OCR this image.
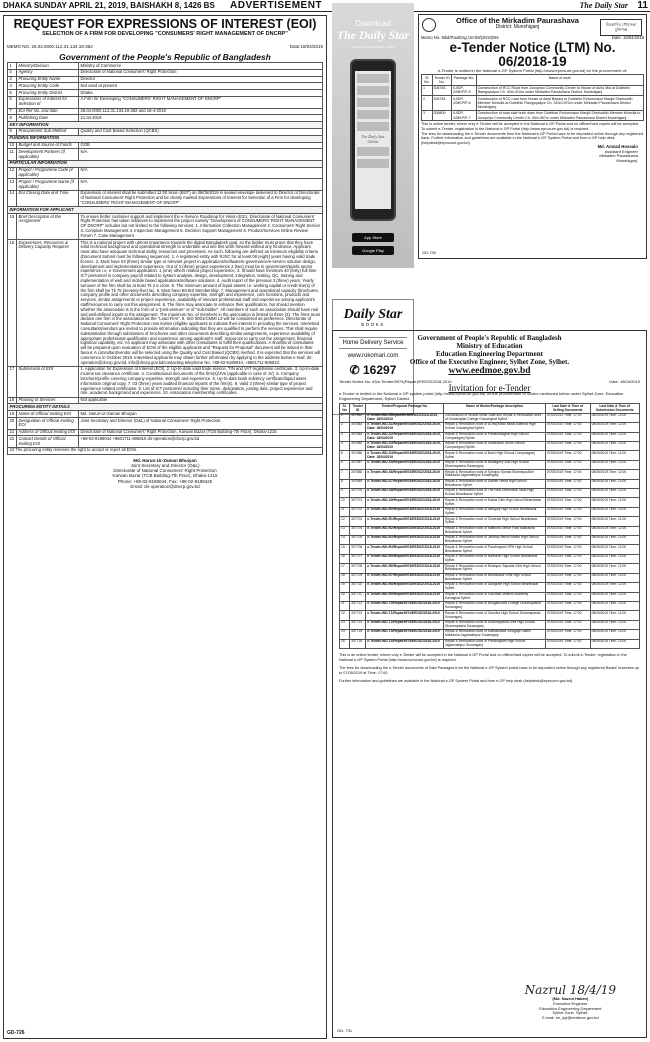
DHAKA SUNDAY APRIL 21, 2019, BAISHAKH 8, 1426 BS ADVERTISEMENT	The Daily Star 11
REQUEST FOR EXPRESSIONS OF INTEREST (EOI)
SELECTION OF A FIRM FOR DEVELOPING "CONSUMERS' RIGHT MANAGEMENT OF DNCRP"
MEMO NO. 26.04.0000.112.31.134.18-362	Date:18/04/2019
Government of the People's Republic of Bangladesh
1	Ministry/Division	Ministry of Commerce
2	Agency	Directorate of National Consumers' Right Protection
3	Procuring Entity Name	Director
4	Procuring Entity Code	Not used at present
5	Procuring Entity District	Dhaka
6	Expressions of Interest for Selection of	A Firm for Developing "CONSUMERS' RIGHT MANAGEMENT OF DNCRP"
7	EoI Ref No. and date	26.04.0000.112.31.134.18-362 and 18-4-2019
8	Publishing Date	21.04.2019
KEY INFORMATION		
9	Procurement Sub Method	Quality and Cost Based Selection (QCBS)
FUNDING INFORMATION		
10	Budget and Source of Funds	GOB
11	Development Partners (if applicable)	N/A
PARTICULAR INFORMATION		
12	Project / Programme Code (if applicable)	N/A
13	Project / Programme Name (if applicable)	N/A
14	EoI Closing Date and Time	Expression of interest shall be submitted 12:00 Noon (BST) on 09/05/2019 in sealed envelope delivered to Director of Directorate of National Consumers' Right Protection and be clearly marked Expressions of Interest for Selection of a Firm for developing "CONSUMERS' RIGHT MANAGEMENT OF DNCRP".
INFORMATION FOR APPLICANT		
15	Brief Description of the Assignment	To ensure better customer support and implement the e-Service Roadmap for Vision-2021, Directorate of National Consumers' Right Protection has taken initiatives to implement the project namely "Development of CONSUMERS' RIGHT MANAGEMENT OF DNCRP" includes but not limited to the following services: 1. Information Collection Management 2. Consumers' Right Service 3. Complain Management 4. Inspection Management 5. Decision Support Management 6. Product/Services Online Review Forum 7. Case Management
16	Experiences, Resources & Delivery Capacity Requires	This is a national project with utmost importance towards the digital Bangladesh goal, so the bidder must prove that they have solid technical background and operational strength to undertake and see this work forward without any hindrance. Applicant must also have adequate technical ability, resources and processes. As such, following are defined as minimum eligibility criteria (Document Submit must be following sequence): 1. A registered entity with RJSC for at least 08 (eight) years having valid trade licence. 2. Must have 03 (three) similar type or relevant project in applications/software/e-governance/e-service solution design, development and implementation experience. Out of 3 (three) project experience 2 (two) must be in government/public sector experience i.e. e-Government application. 1 (one) others related project experience. 3. Should have minimum 40 (forty) full time ICT personnel in company payroll related to system analysis, design, development, integration, testing, QC, training and implementation of web and mobile based applications/software solutions. 4. Audit report of the previous 3 (three) years. Yearly turnover of the firm shall be at least Tk 2.5 crore. 5. The minimum amount of liquid assets i.e. working capital or credit line(s) of the firm shall be Tk 75 (seventy-five) lac. 6. Must have BASIS Membership. 7. Management and operational capacity (brochures, company profile and other documents describing company expertise, strength and experience, core functions, products and services, similar assignments or project experience, availability of relevant professional staff and experience among applicant's staff/resources to carry out this assignment. 8. The firms may associate to enhance their qualification, but should mention whether the association is in the form of a "joint-venture" or of "sub-bidder". All members of such an association should have real and well-defined inputs to the assignment. The maximum No. of members in the association is limited to three (3). The firms must declare one firm in the association as the "Lead Firm". 9. ISO 9001/CMMI L3 will be considered as preference. Directorate of National Consumers' Right Protection now invites (eligible applicants to indicate their interest in providing the services. Interested consultants/vendors are invited to provide information indicating that they are qualified to perform the services. This shall require substantiation through submission of brochures and other documents describing similar assignments, experience availability of appropriate professional qualification and experience among applicant's staff, resources to carry out the assignment, financial logistical capability, etc. An applicant may associate with other consultants to fulfill their qualifications. A shortlist of consultants will be prepared upon evaluation of EOIs of the eligible applicants and "Request for Proposal" document will be issued in their favour. A consultant/vendor will be selected using the Quality and Cost Based (QCBS) method. It is expected that the services will commence in October 2019. Interested applicants may obtain further information by applying to the address below e-mail: dir-operation@dncrp.gov.bd, info@dncrp.gov.bd/contacting telephone No. +88-02-8189044, +8801711-905810.
17	Submission of EOI	1. Application for Expression of Interest (EOI). 2. Up-to-date valid trade licence, TIN and VAT registration certificate. 3. Up-to-date income tax clearance certificate. 4. Constitutional documents of the firm(s)/JVs (applicable in case of JV). 5. Company brochure/profile covering company expertise, strength and experience. 6. Up-to-date bank solvency certificate/liquid asset information original copy. 7. 03 (three) years audited financial reports of the firm(s). 8. Valid 3 (three) similar type of project experience related certificates. 9. List of ICT personnel including their name, designation, joining date, project experience and role, academic background and experience. 10. Association membership certificates.
18	Phasing of Services	Not applicable
PROCURING ENTITY DETAILS		
19	Name of Official Inviting EOI	Md. Harun-Ur-Zaman Bhuiyan
20	Designation of Official Inviting EOI	Joint Secretary and Director (O&L) of National Consumers' Right Protection.
21	Address of Official Inviting EOI	Directorate of National Consumers' Right Protection, Karwan Bazar (TCB Building-7th Floor), Dhaka-1215
22	Contact Details of Official Inviting EOI	+88-02-8189044 +8801711-905810 dir-operation@dncrp.gov.bd
23 The procuring entity reserves the right to accept or reject all EOIs.		
Md. Harun-Ur-Zaman Bhuiyan
Joint Secretary and Director (O&L)
Directorate of National Consumers' Right Protection
Karwan Bazar (TCB Building-7th Floor), Dhaka-1215
Phone: +88-02-8189044, Fax: +88-02-8189425
Email: dir-operation@dncrp.gov.bd
GD-726
Download
The Daily Star
IPHONE & ANDROID APPS
The Daily Star Online
App Store
Google Play
Daily Star
BOOKS
Home Delivery Service
www.rokomari.com
✆ 16297
Office of the Mirkadim Paurashava
District: Munshiganj	মিরকাদিম পৌরসভা
মুন্সিগঞ্জ
Memo No. Mkd/Pau/Eng./10-59/(2019)/94	Date: 18/04/2019
e-Tender Notice (LTM) No. 06/2018-19
e-Tender is invited in the National e-GP System Portal (http://www.eprocure.gov.bd) for the procurement of:
Sl No.	Tender ID No.	Package No.	Name of work
1	306783	IUIDP-2/MKP/P-5	Construction of RCC Road from Jonopriyo Community Center to House of Ashu Mia at Dolekhin Ramgopalpur Ch. 00m-310m under Mirkadim Paurashava District: Munshiganj.
2	306784	IUIDP-2/MKP/P-6	Construction of RCC road from House of Awal Bepary to Dolekhin Rohomotpur Masjid Shahuddin Member Moholla at Dolekhin Ramgopalpur Ch. 310m-570m under Mirkadim Paurashava District Munshiganj.
3	306809	IUIDP-2/MKP/P-7	Construction of road side brick drain from Dolekhin Rohomotpur Masjid Shahuddin Member Moholla to Jonopriyo Community Centre Ch. 00m-567m under Mirkadim Paurashava District Munshiganj.
This is online tender, where only e-Tender will be accepted in the National e-GP Portal and no offline/hard copies will be accepted. To submit e-Tender, registration in the National e-GP Portal (http://www.eprocure.gov.bd) is required.
The fees for downloading the e-Tender documents from the National e-GP Portal have to be deposited online through any registered bank. Further information and guidelines are available in the National e-GP System Portal and from e-GP help desk (helpdesk@eprocure.gov.bd).
Md. Amzad Hossain
Assistant Engineer
Mirkadim Paurashava
Munshiganj.
GD-730
Government of People's Republic of Bangladesh
Ministry of Education
Education Engineering Department
Office of the Executive Engineer, Sylhet Zone, Sylhet.
www.eedmoe.gov.bd
Tender Notice No: 43/e-Tender/5974(Repair)/EEDSZ2018-2019	Date: 18/04/2019
Invitation for e-Tender
e-Tender is invited in the National e-GP system portal (http://www.eprocure.gov.bd) for the procurement of Works mentioned below under Sylhet Zone, Education Engineering Department, Sylhet District.
Sl. No	Tender ID	Tender/Proposal Package No.	Name of Works/Package description	Last Date & Time of Selling Documents	Last Date & Time of Submission Documents
1	307682	e-Tender-WD-SRepair5974/EEDSZ/2018-2019, Date: 18/04/2019	Construction of Shahid Minar Gate and Repair & Renovation work of Gowainghat College Gowainghat Sylhet.	07/05/2019 Time: 17:00	08/05/2019 Time: 12:00
2	307683	e-Tender-WD-S1/Repair5974/EEDSZ/2018-2019, Date: 18/04/2019	Repair & Renovation work of Al-Haj Abdul Mutal Adarsha High School Gowainghat Sylhet.	07/05/2019 Time: 17:00	08/05/2019 Time: 12:00
3	307684	e-Tender-WD-S2/Repair5974/EEDSZ/2018-2019, Date: 18/04/2019	Repair & Renovation work of Paniachanghat High School Companiganj Sylhet.	07/05/2019 Time: 17:00	08/05/2019 Time: 12:00
4	307685	e-Tender-WD-S3/Repair5974/EEDSZ/2018-2019, Date: 18/04/2019	Repair & Renovation work of Ghatkhowr Junior School Companiganj Sylhet.	07/05/2019 Time: 17:00	08/05/2019 Time: 12:00
5	307686	e-Tender-WD-S4/Repair5974/EEDSZ/2018-2019, Date: 18/04/2019	Repair & Renovation work of Barni High School Companiganj Sylhet.	07/05/2019 Time: 17:00	08/05/2019 Time: 12:00
6	307687	e-Tender-WD-S5/Repair5974/EEDSZ/2018-2019	Repair & Renovation work of Bhalaganj Girls High School Dharmapasha Sunamganj.	07/05/2019 Time: 17:00	08/05/2019 Time: 12:00
7	307688	e-Tender-WD-S6/Repair5974/EEDSZ/2018-2019	Repair & Renovation work of Syedpur Syedia Shamsiya Alim Madrasha Jagannathpur Sunamganj.	07/05/2019 Time: 17:00	08/05/2019 Time: 12:00
8	307689	e-Tender-WD-S7/Repair5974/EEDSZ/2018-2019	Repair & Renovation work of Dakhin Hasra High School Beanibazar Sylhet.	07/05/2019 Time: 17:00	08/05/2019 Time: 12:00
9	307700	e-Tender-WD-S8/Repair5974/EEDSZ/2018-2019	Repair & Renovation work of The New Generation Ideal High School Beanibazar Sylhet.	07/05/2019 Time: 17:00	08/05/2019 Time: 12:00
10	307701	e-Tender-WD-S9/Repair5974/EEDSZ/2018-2019	Repair & Renovation work of Kasba Girls High School Beanibazar Sylhet.	07/05/2019 Time: 17:00	08/05/2019 Time: 12:00
11	307702	e-Tender-WD-R0/Repair5974/EEDSZ/2018-2019	Repair & Renovation work of Ashiganj High School Beanibazar Sylhet.	07/05/2019 Time: 17:00	08/05/2019 Time: 12:00
12	307703	e-Tender-WD-R1/Repair5974/EEDSZ/2018-2019	Repair & Renovation work of Charkhai High School Beanibazar Sylhet.	07/05/2019 Time: 17:00	08/05/2019 Time: 12:00
13	307704	e-Tender-WD-R2/Repair5974/EEDSZ/2018-2019	Repair & Renovation work of Mathiura Senior Fazil Madrasha Beanibazar Sylhet.	07/05/2019 Time: 17:00	08/05/2019 Time: 12:00
14	307705	e-Tender-WD-R3/Repair5974/EEDSZ/2018-2019	Repair & Renovation work of Jaldhup Senior Arabic High School Beanibazar Sylhet.	07/05/2019 Time: 17:00	08/05/2019 Time: 12:00
15	307706	e-Tender-WD-R4/Repair5974/EEDSZ/2018-2019	Repair & Renovation work of Panchagram SPH High School Beanibazar Sylhet.	07/05/2019 Time: 17:00	08/05/2019 Time: 12:00
16	307707	e-Tender-WD-R5/Repair5974/EEDSZ/2018-2019	Repair & Renovation work of Nalbohar High School Beanibazar Sylhet.	07/05/2019 Time: 17:00	08/05/2019 Time: 12:00
17	307708	e-Tender-WD-R6/Repair5974/EEDSZ/2018-2019	Repair & Renovation work of Nidanpur Sapadia Girls High School Beanibazar Sylhet.	07/05/2019 Time: 17:00	08/05/2019 Time: 12:00
18	307709	e-Tender-WD-R7/Repair5974/EEDSZ/2018-2019	Repair & Renovation work of Beanibazar Girls High School Beanibazar Sylhet.	07/05/2019 Time: 17:00	08/05/2019 Time: 12:00
19	307710	e-Tender-WD-R8/Repair5974/EEDSZ/2018-2019	Repair & Renovation work of Daulgram High School Beanibazar Sylhet.	07/05/2019 Time: 17:00	08/05/2019 Time: 12:00
20	307711	e-Tender-WD-R9/Repair5974/EEDSZ/2018-2019	Repair & Renovation work of Gachbari Moslem Academy Kanaighat Sylhet.	07/05/2019 Time: 17:00	08/05/2019 Time: 12:00
21	307712	e-Tender-WD-T0/Repair5974/EEDSZ/2018-2019	Repair & Renovation work of Bongaikunda College Dharmapasha Sunamganj.	07/05/2019 Time: 17:00	08/05/2019 Time: 12:00
22	307713	e-Tender-WD-T1/Repair5974/EEDSZ/2018-2019	Repair & Renovation work of Gachiba High School Dharmapasha Sunamganj.	07/05/2019 Time: 17:00	08/05/2019 Time: 12:00
23	307714	e-Tender-WD-T2/Repair5974/EEDSZ/2018-2019	Repair & Renovation work of Dharmapasha Girls High School Dharmapasha Sunamganj.	07/05/2019 Time: 17:00	08/05/2019 Time: 12:00
24	307715	e-Tender-WD-T3/Repair5974/EEDSZ/2018-2019	Repair & Renovation work of Kalmakanda Jonogaje Dakhil Madrasha Jagannathpur Sunamganj.	07/05/2019 Time: 17:00	08/05/2019 Time: 12:00
25	307716	e-Tender-WD-T4/Repair5974/EEDSZ/2018-2019	Repair & Renovation work of Panchagram High School Jagannathpur Sunamganj.	07/05/2019 Time: 17:00	08/05/2019 Time: 12:00
This is an online tender, where only e-Tender will be accepted in the National e-GP Portal and no offline/hard copies will be accepted. To submit e-Tender, registration in the National e-GP System Portal (http://www.eprocure.gov.bd) is required.
The fees for downloading the e-Tender documents of Said Packages from the National e-GP System portal have to be deposited online through any registered Banks' branches up to 07/05/2019 at Time: 17:00.
Further information and guidelines are available in the National e-GP System Portal and from e-GP help desk (helpdesk@eprocure.gov.bd).
Nazrul 18/4/19
(Md. Nazrul Hakim)
Executive Engineer
Education Engineering Department
Sylhet Zone, Sylhet.
E-mail: ee_syl@eedmoe.gov.bd
GD- 731
